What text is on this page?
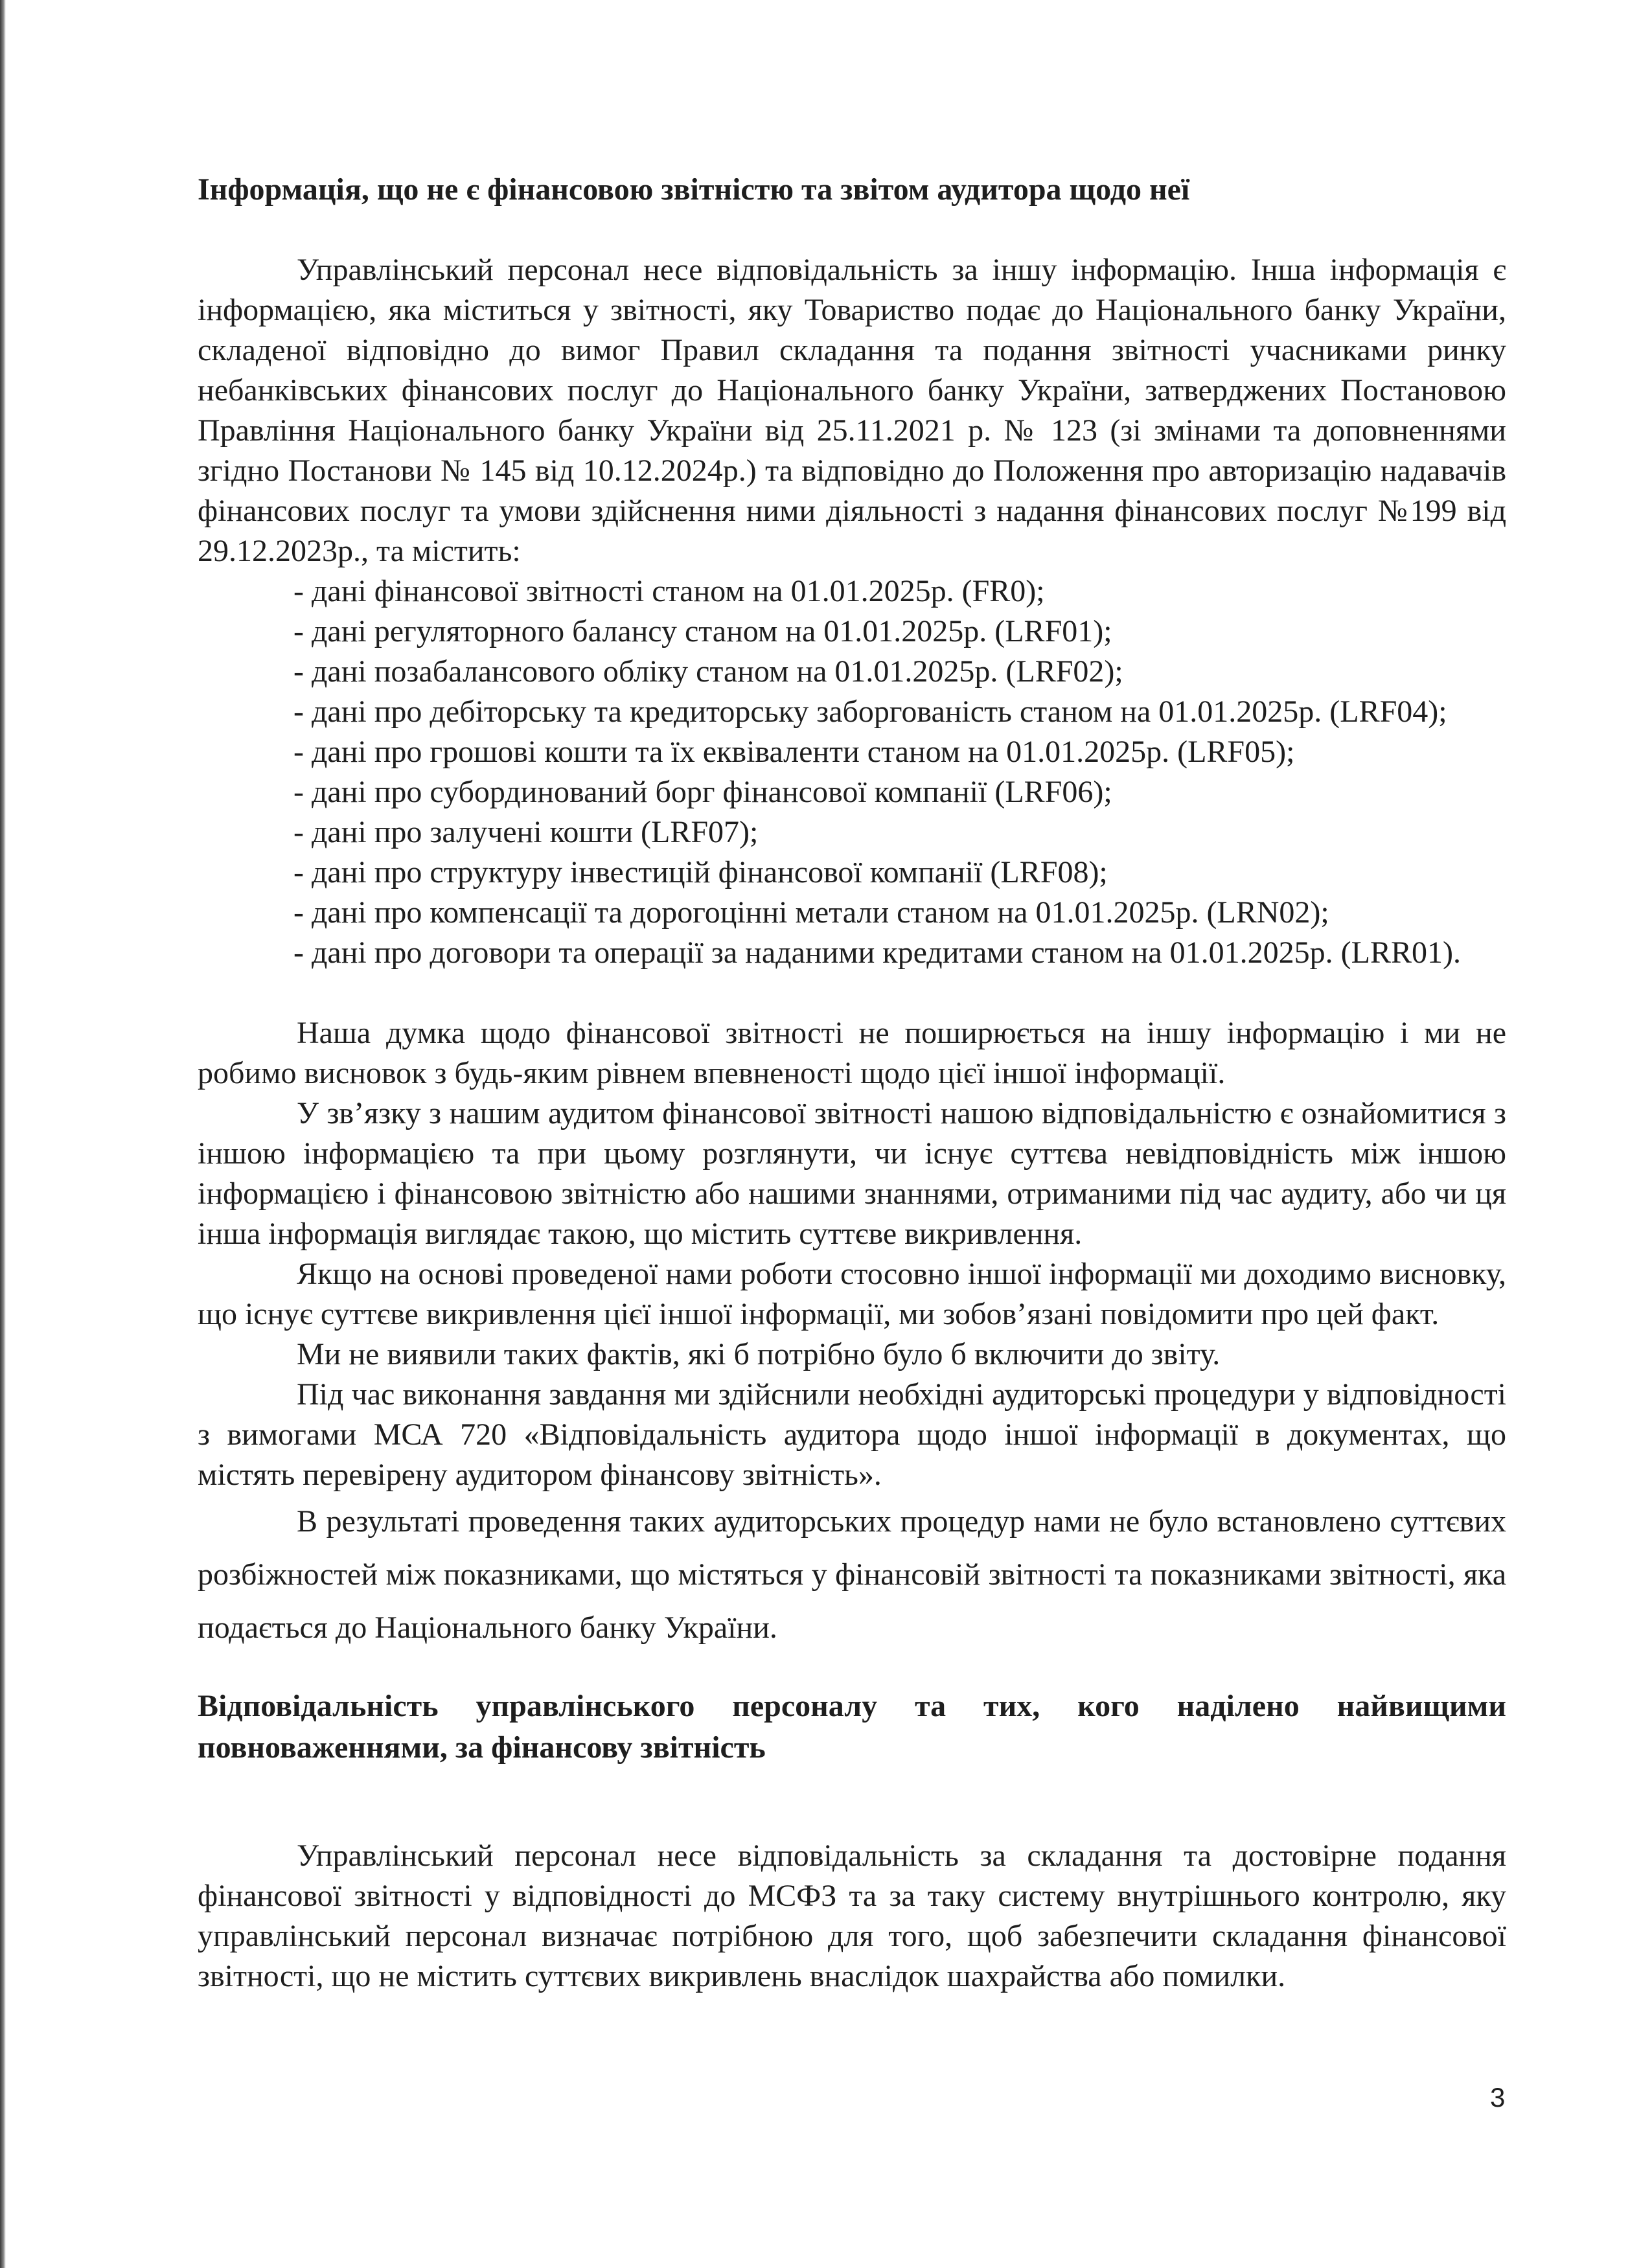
Інформація, що не є фінансовою звітністю та звітом аудитора щодо неї

Управлінський персонал несе відповідальність за іншу інформацію. Інша інформація є інформацією, яка міститься у звітності, яку Товариство подає до Національного банку України, складеної відповідно до вимог Правил складання та подання звітності учасниками ринку небанківських фінансових послуг до Національного банку України, затверджених Постановою Правління Національного банку України від 25.11.2021 р. № 123 (зі змінами та доповненнями згідно Постанови № 145 від 10.12.2024р.) та відповідно до Положення про авторизацію надавачів фінансових послуг та умови здійснення ними діяльності з надання фінансових послуг №199 від 29.12.2023р., та містить:

- дані фінансової звітності станом на 01.01.2025р. (FR0);
- дані регуляторного балансу станом на 01.01.2025р. (LRF01);
- дані позабалансового обліку станом на 01.01.2025р. (LRF02);
- дані про дебіторську та кредиторську заборгованість станом на 01.01.2025р. (LRF04);
- дані про грошові кошти та їх еквіваленти станом на 01.01.2025р. (LRF05);
- дані про субординований борг фінансової компанії (LRF06);
- дані про залучені кошти (LRF07);
- дані про структуру інвестицій фінансової компанії (LRF08);
- дані про компенсації та дорогоцінні метали станом на 01.01.2025р. (LRN02);
- дані про договори та операції за наданими кредитами станом на 01.01.2025р. (LRR01).

Наша думка щодо фінансової звітності не поширюється на іншу інформацію і ми не робимо висновок з будь-яким рівнем впевненості щодо цієї іншої інформації.

У зв’язку з нашим аудитом фінансової звітності нашою відповідальністю є ознайомитися з іншою інформацією та при цьому розглянути, чи існує суттєва невідповідність між іншою інформацією і фінансовою звітністю або нашими знаннями, отриманими під час аудиту, або чи ця інша інформація виглядає такою, що містить суттєве викривлення.

Якщо на основі проведеної нами роботи стосовно іншої інформації ми доходимо висновку, що існує суттєве викривлення цієї іншої інформації, ми зобов’язані повідомити про цей факт.

Ми не виявили таких фактів, які б потрібно було б включити до звіту.

Під час виконання завдання ми здійснили необхідні аудиторські процедури у відповідності з вимогами МСА 720 «Відповідальність аудитора щодо іншої інформації в документах, що містять перевірену аудитором фінансову звітність».

В результаті проведення таких аудиторських процедур нами не було встановлено суттєвих розбіжностей між показниками, що містяться у фінансовій звітності та показниками звітності, яка подається до Національного банку України.

Відповідальність управлінського персоналу та тих, кого наділено найвищими повноваженнями, за фінансову звітність

Управлінський персонал несе відповідальність за складання та достовірне подання фінансової звітності у відповідності до МСФЗ та за таку систему внутрішнього контролю, яку управлінський персонал визначає потрібною для того, щоб забезпечити складання фінансової звітності, що не містить суттєвих викривлень внаслідок шахрайства або помилки.

3
